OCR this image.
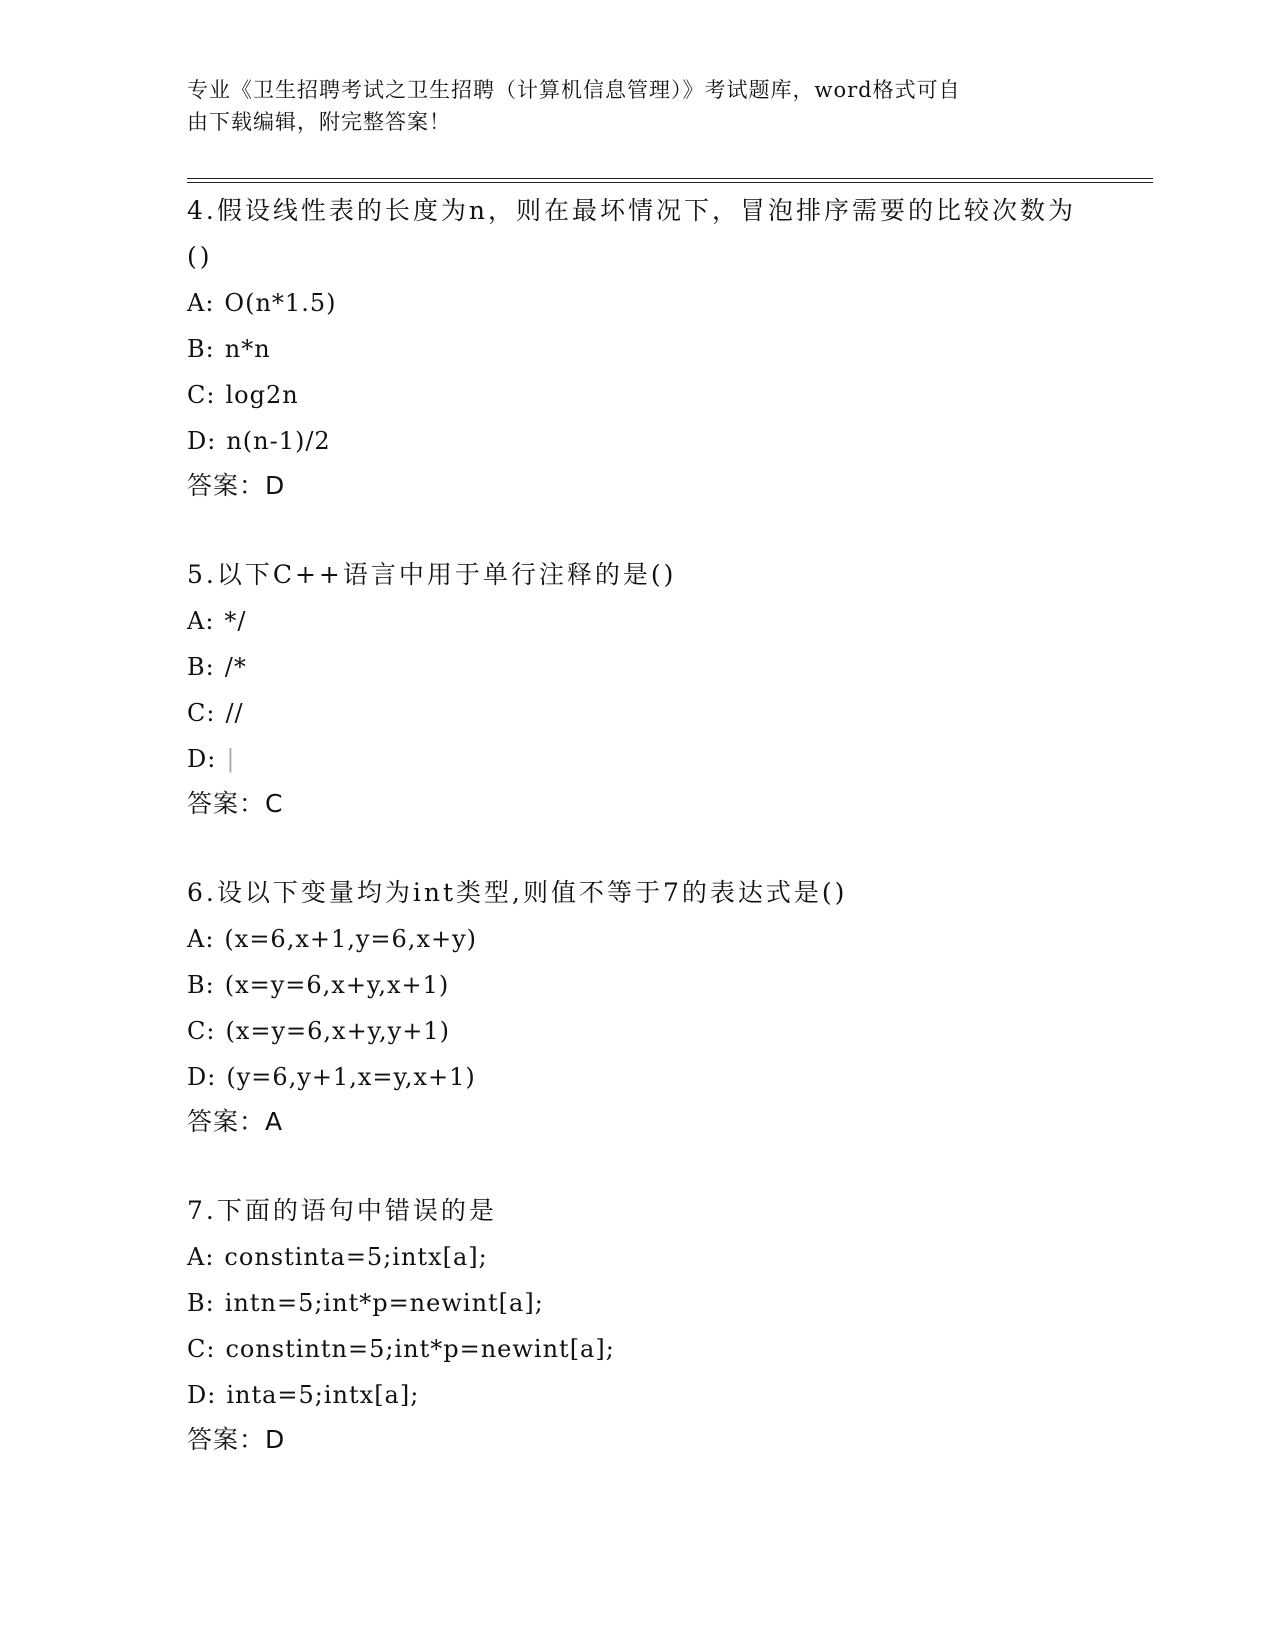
专业《卫生招聘考试之卫生招聘（计算机信息管理）》考试题库，word格式可自
由下载编辑，附完整答案！
4.假设线性表的长度为n，则在最坏情况下，冒泡排序需要的比较次数为()
A: O(n*1.5)
B: n*n
C: log2n
D: n(n-1)/2
答案：D
5.以下C++语言中用于单行注释的是()
A: */
B: /*
C: //
D: |
答案：C
6.设以下变量均为int类型,则值不等于7的表达式是()
A: (x=6,x+1,y=6,x+y)
B: (x=y=6,x+y,x+1)
C: (x=y=6,x+y,y+1)
D: (y=6,y+1,x=y,x+1)
答案：A
7.下面的语句中错误的是
A: constinta=5;intx[a];
B: intn=5;int*p=newint[a];
C: constintn=5;int*p=newint[a];
D: inta=5;intx[a];
答案：D
